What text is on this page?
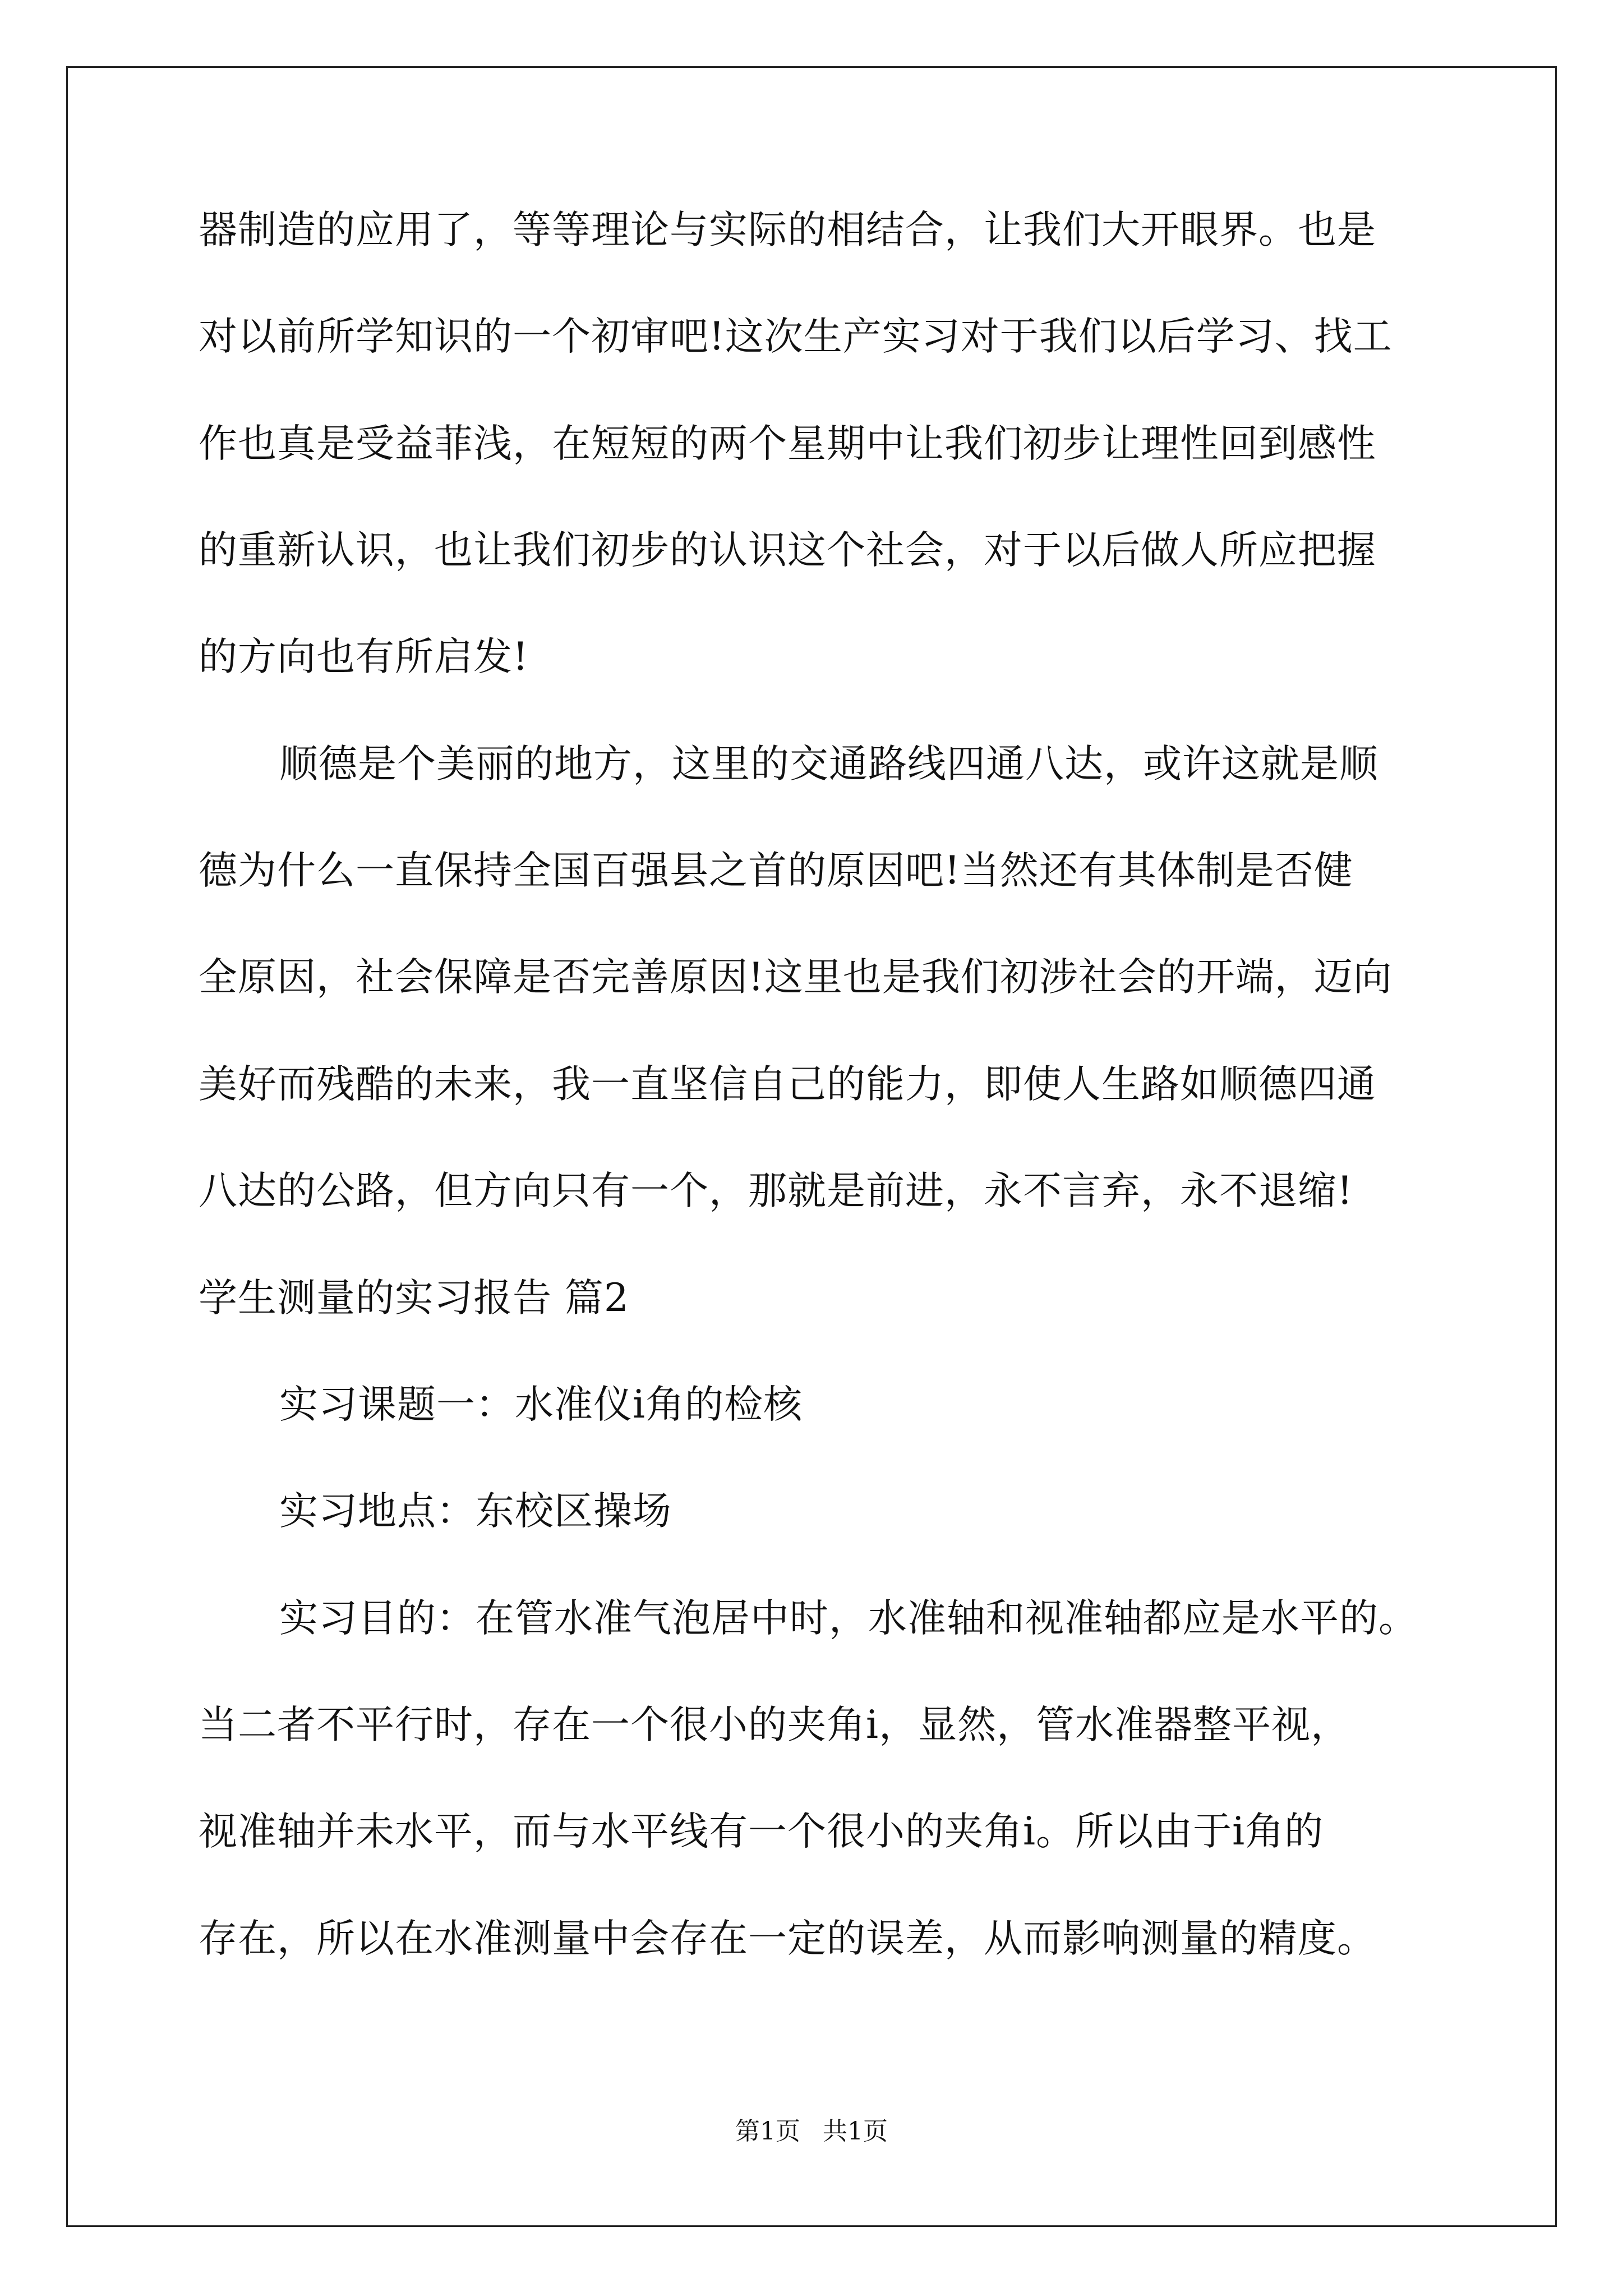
器制造的应用了，等等理论与实际的相结合，让我们大开眼界。也是
对以前所学知识的一个初审吧!这次生产实习对于我们以后学习、找工
作也真是受益菲浅，在短短的两个星期中让我们初步让理性回到感性
的重新认识，也让我们初步的认识这个社会，对于以后做人所应把握
的方向也有所启发!
顺德是个美丽的地方，这里的交通路线四通八达，或许这就是顺
德为什么一直保持全国百强县之首的原因吧!当然还有其体制是否健
全原因，社会保障是否完善原因!这里也是我们初涉社会的开端，迈向
美好而残酷的未来，我一直坚信自己的能力，即使人生路如顺德四通
八达的公路，但方向只有一个，那就是前进，永不言弃，永不退缩!
学生测量的实习报告 篇2
实习课题一：水准仪i角的检核
实习地点：东校区操场
实习目的：在管水准气泡居中时，水准轴和视准轴都应是水平的。
当二者不平行时，存在一个很小的夹角i，显然，管水准器整平视，
视准轴并未水平，而与水平线有一个很小的夹角i。所以由于i角的
存在，所以在水准测量中会存在一定的误差，从而影响测量的精度。
第1页 共1页
